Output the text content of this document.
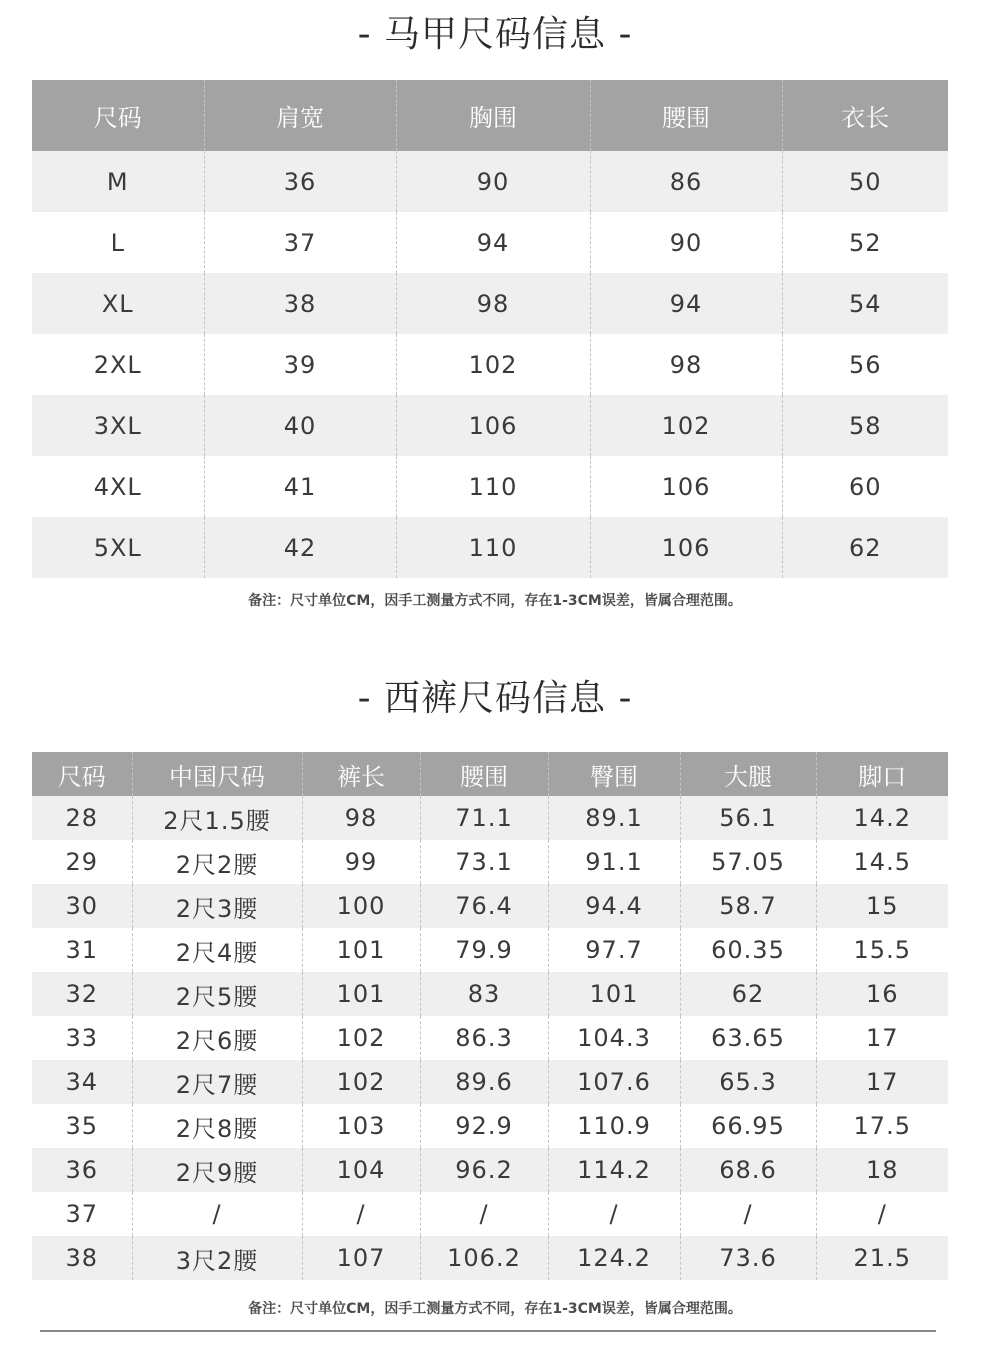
- 马甲尺码信息 -
尺码	肩宽	胸围	腰围	衣长
M	36	90	86	50
L	37	94	90	52
XL	38	98	94	54
2XL	39	102	98	56
3XL	40	106	102	58
4XL	41	110	106	60
5XL	42	110	106	62
备注：尺寸单位CM，因手工测量方式不同，存在1-3CM误差，皆属合理范围。
- 西裤尺码信息 -
尺码	中国尺码	裤长	腰围	臀围	大腿	脚口
28	2尺1.5腰	98	71.1	89.1	56.1	14.2
29	2尺2腰	99	73.1	91.1	57.05	14.5
30	2尺3腰	100	76.4	94.4	58.7	15
31	2尺4腰	101	79.9	97.7	60.35	15.5
32	2尺5腰	101	83	101	62	16
33	2尺6腰	102	86.3	104.3	63.65	17
34	2尺7腰	102	89.6	107.6	65.3	17
35	2尺8腰	103	92.9	110.9	66.95	17.5
36	2尺9腰	104	96.2	114.2	68.6	18
37	/	/	/	/	/	/
38	3尺2腰	107	106.2	124.2	73.6	21.5
备注：尺寸单位CM，因手工测量方式不同，存在1-3CM误差，皆属合理范围。
